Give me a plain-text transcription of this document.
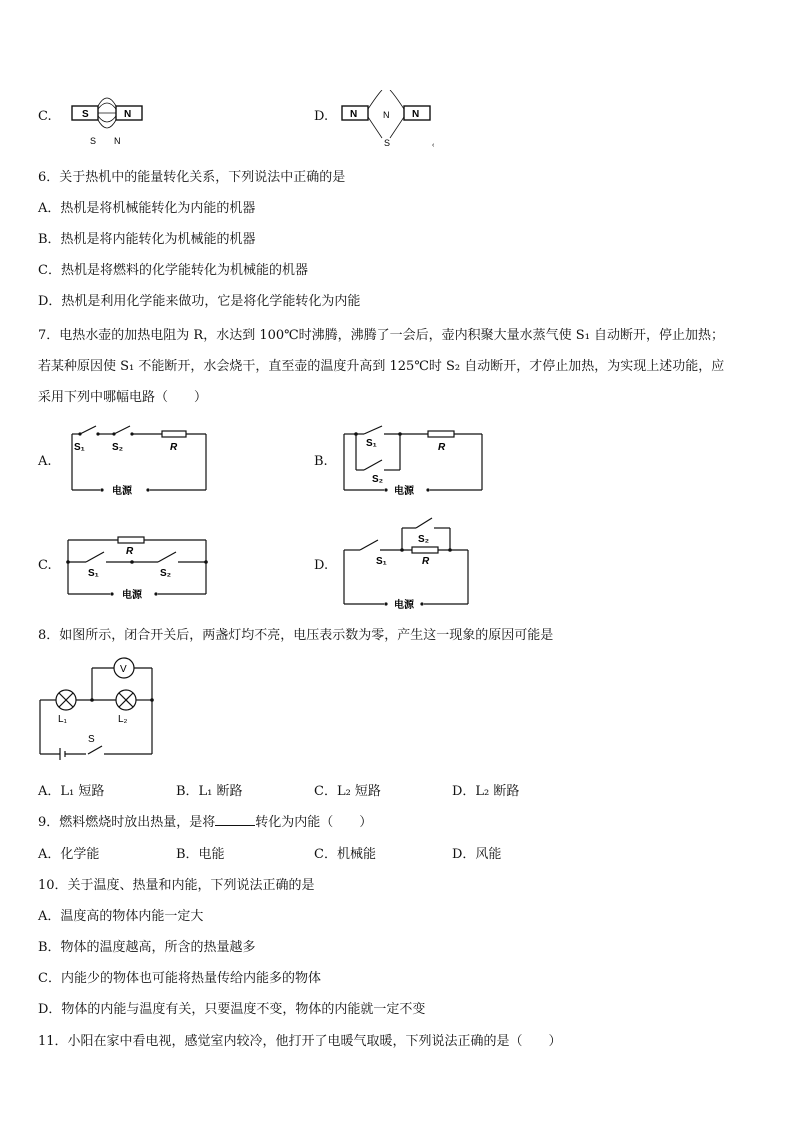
C.	S	N
S N
D. N	N
N
S	‹
6．关于热机中的能量转化关系，下列说法中正确的是
A．热机是将机械能转化为内能的机器
B．热机是将内能转化为机械能的机器
C．热机是将燃料的化学能转化为机械能的机器
D．热机是利用化学能来做功，它是将化学能转化为内能
7．电热水壶的加热电阻为 R，水达到 100℃时沸腾，沸腾了一会后，壶内积聚大量水蒸气使 S₁ 自动断开，停止加热；
若某种原因使 S₁ 不能断开，水会烧干，直至壶的温度升高到 125℃时 S₂ 自动断开，才停止加热，为实现上述功能，应
采用下列中哪幅电路（　　）
A.
S₁	S₂	R
电源
B.
S₁
S₂
R
电源
C.
R
S₁	S₂
电源
D.
S₂
S₁	R
电源
8．如图所示，闭合开关后，两盏灯均不亮，电压表示数为零，产生这一现象的原因可能是
V
L₁	L₂
S
A．L₁ 短路	B．L₁ 断路	C．L₂ 短路	D．L₂ 断路
9．燃料燃烧时放出热量，是将	转化为内能（　　）
A．化学能	B．电能	C．机械能	D．风能
10．关于温度、热量和内能，下列说法正确的是
A．温度高的物体内能一定大
B．物体的温度越高，所含的热量越多
C．内能少的物体也可能将热量传给内能多的物体
D．物体的内能与温度有关，只要温度不变，物体的内能就一定不变
11．小阳在家中看电视，感觉室内较冷，他打开了电暖气取暖，下列说法正确的是（　　）
